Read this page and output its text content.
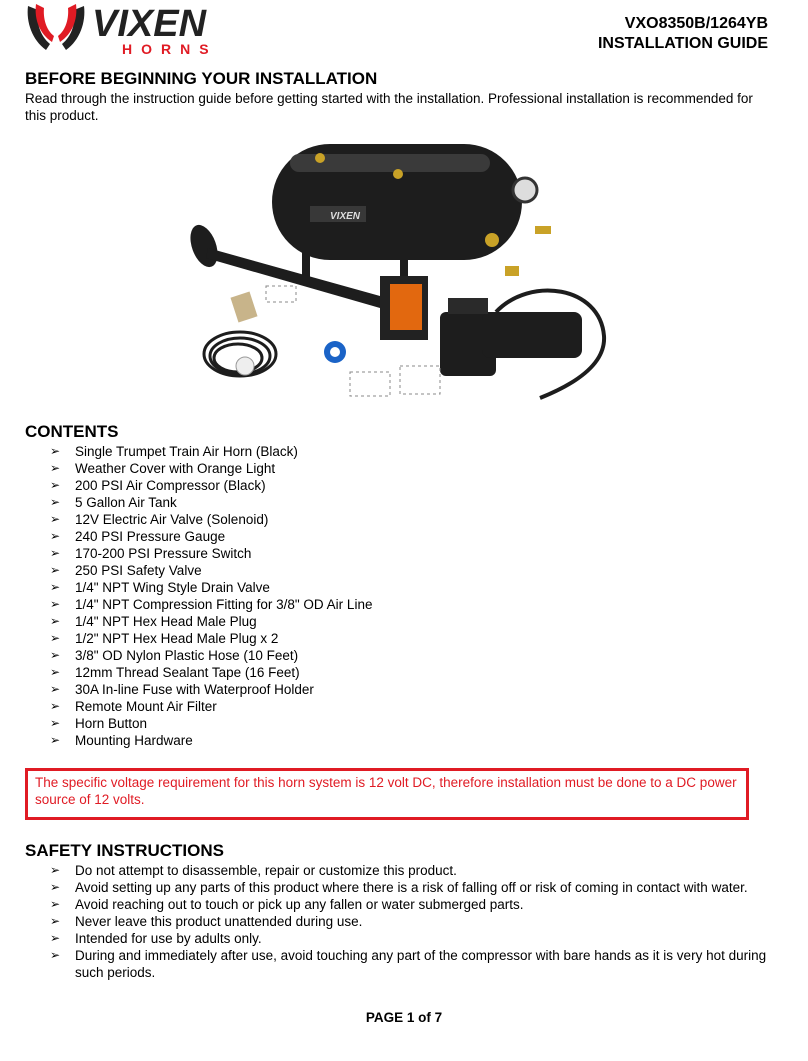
VIXEN
HORNS
VXO8350B/1264YB
INSTALLATION GUIDE
BEFORE BEGINNING YOUR INSTALLATION

Read through the instruction guide before getting started with the installation. Professional installation is recommended for this product.

VIXEN
CONTENTS
➢ Single Trumpet Train Air Horn (Black)
➢ Weather Cover with Orange Light
➢ 200 PSI Air Compressor (Black)
➢ 5 Gallon Air Tank
➢ 12V Electric Air Valve (Solenoid)
➢ 240 PSI Pressure Gauge
➢ 170-200 PSI Pressure Switch
➢ 250 PSI Safety Valve
➢ 1/4" NPT Wing Style Drain Valve
➢ 1/4" NPT Compression Fitting for 3/8" OD Air Line
➢ 1/4" NPT Hex Head Male Plug
➢ 1/2" NPT Hex Head Male Plug x 2
➢ 3/8" OD Nylon Plastic Hose (10 Feet)
➢ 12mm Thread Sealant Tape (16 Feet)
➢ 30A In-line Fuse with Waterproof Holder
➢ Remote Mount Air Filter
➢ Horn Button
➢ Mounting Hardware
The specific voltage requirement for this horn system is 12 volt DC, therefore installation must be done to a DC power source of 12 volts.
SAFETY INSTRUCTIONS
➢ Do not attempt to disassemble, repair or customize this product.
➢ Avoid setting up any parts of this product where there is a risk of falling off or risk of coming in contact with water.
➢ Avoid reaching out to touch or pick up any fallen or water submerged parts.
➢ Never leave this product unattended during use.
➢ Intended for use by adults only.
➢ During and immediately after use, avoid touching any part of the compressor with bare hands as it is very hot during such periods.
PAGE 1 of 7
